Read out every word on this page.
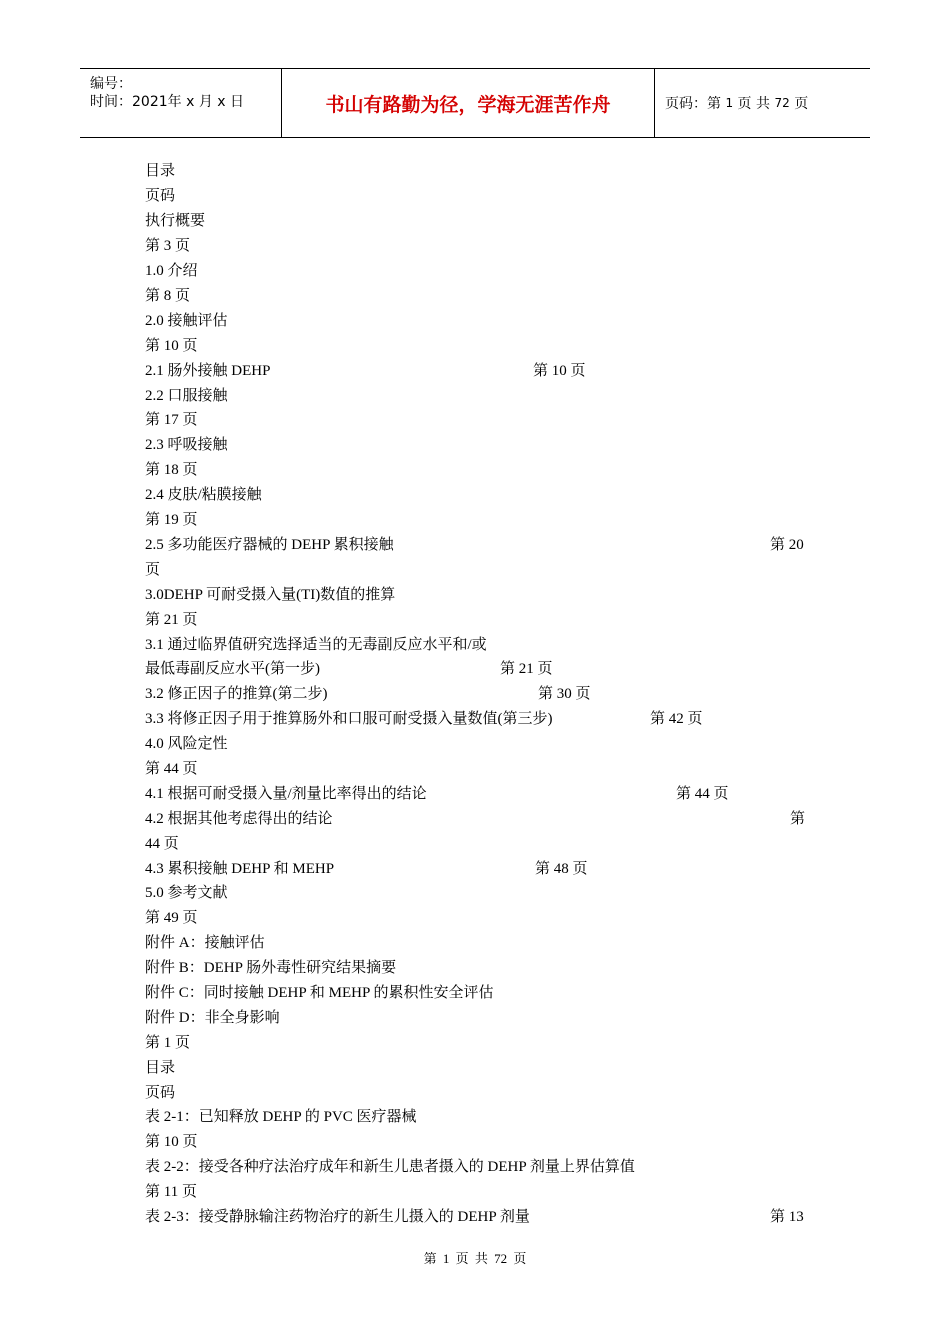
编号：
时间：2021年 x 月 x 日	书山有路勤为径，学海无涯苦作舟	页码：第
1
页 共
72
页
目录
页码
执行概要
第 3 页
1.0 介绍
第 8 页
2.0 接触评估
第 10 页
2.1 肠外接触 DEHP	第 10 页
2.2 口服接触
第 17 页
2.3 呼吸接触
第 18 页
2.4 皮肤/粘膜接触
第 19 页
2.5 多功能医疗器械的 DEHP 累积接触	第 20
页
3.0DEHP 可耐受摄入量(TI)数值的推算
第 21 页
3.1 通过临界值研究选择适当的无毒副反应水平和/或
最低毒副反应水平(第一步)	第 21 页
3.2 修正因子的推算(第二步)	第 30 页
3.3 将修正因子用于推算肠外和口服可耐受摄入量数值(第三步)	第 42 页
4.0 风险定性
第 44 页
4.1 根据可耐受摄入量/剂量比率得出的结论	第 44 页
4.2 根据其他考虑得出的结论	第
44 页
4.3 累积接触 DEHP 和 MEHP	第 48 页
5.0 参考文献
第 49 页
附件 A：接触评估
附件 B：DEHP 肠外毒性研究结果摘要
附件 C：同时接触 DEHP 和 MEHP 的累积性安全评估
附件 D：非全身影响
第 1 页
目录
页码
表 2-1：已知释放 DEHP 的 PVC 医疗器械
第 10 页
表 2-2：接受各种疗法治疗成年和新生儿患者摄入的 DEHP 剂量上界估算值
第 11 页
表 2-3：接受静脉输注药物治疗的新生儿摄入的 DEHP 剂量	第 13
第 1 页 共 72 页
